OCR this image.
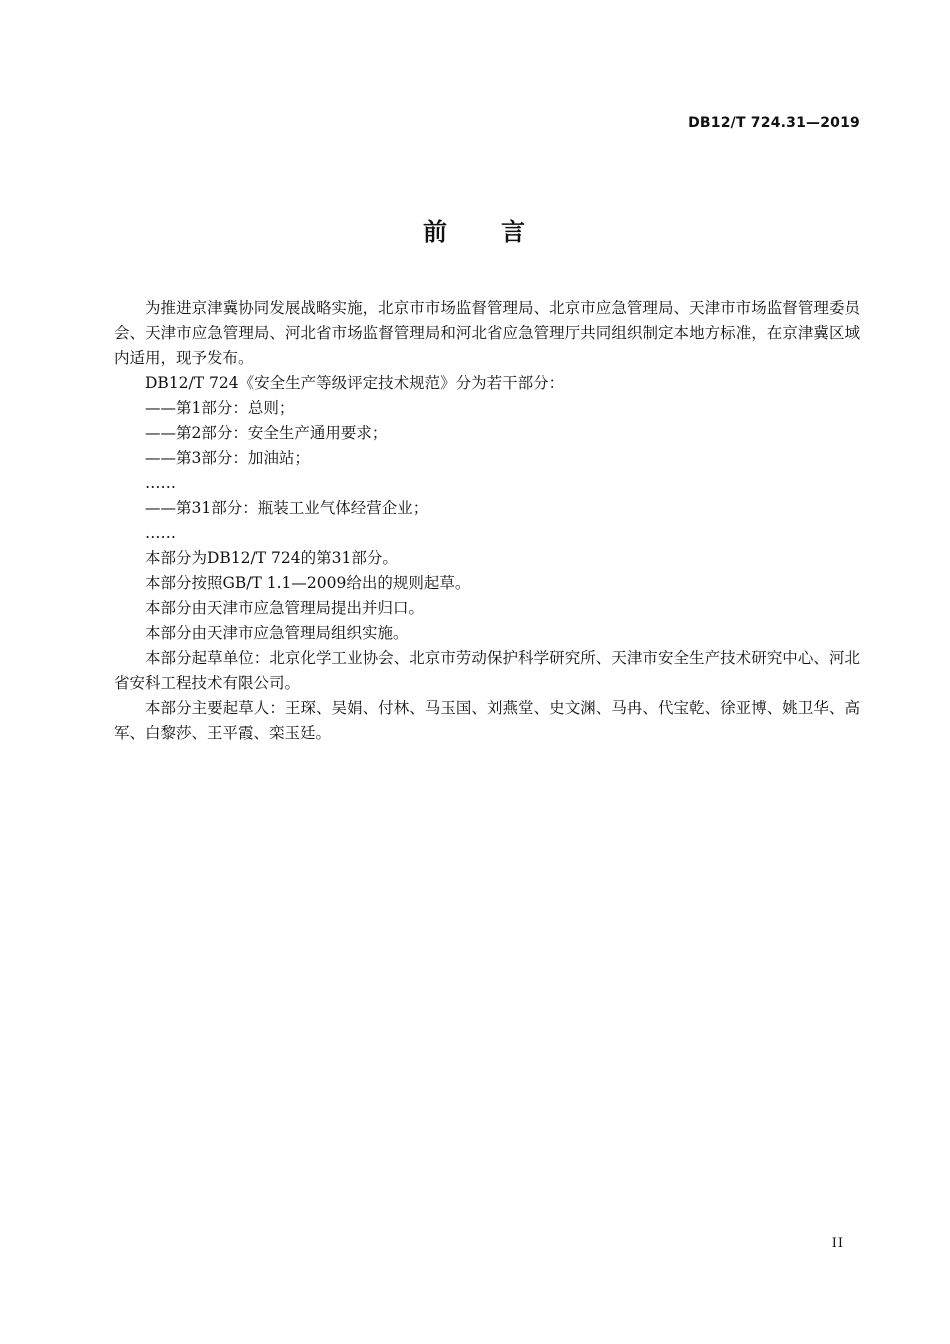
DB12/T 724.31—2019
前　　言

为推进京津冀协同发展战略实施，北京市市场监督管理局、北京市应急管理局、天津市市场监督管理委员会、天津市应急管理局、河北省市场监督管理局和河北省应急管理厅共同组织制定本地方标准，在京津冀区域内适用，现予发布。

DB12/T 724《安全生产等级评定技术规范》分为若干部分：

——第1部分：总则；

——第2部分：安全生产通用要求；

——第3部分：加油站；

……

——第31部分：瓶装工业气体经营企业；

……

本部分为DB12/T 724的第31部分。

本部分按照GB/T 1.1—2009给出的规则起草。

本部分由天津市应急管理局提出并归口。

本部分由天津市应急管理局组织实施。

本部分起草单位：北京化学工业协会、北京市劳动保护科学研究所、天津市安全生产技术研究中心、河北省安科工程技术有限公司。

本部分主要起草人：王琛、吴娟、付林、马玉国、刘燕堂、史文渊、马冉、代宝乾、徐亚博、姚卫华、高军、白黎莎、王平霞、栾玉廷。

II
